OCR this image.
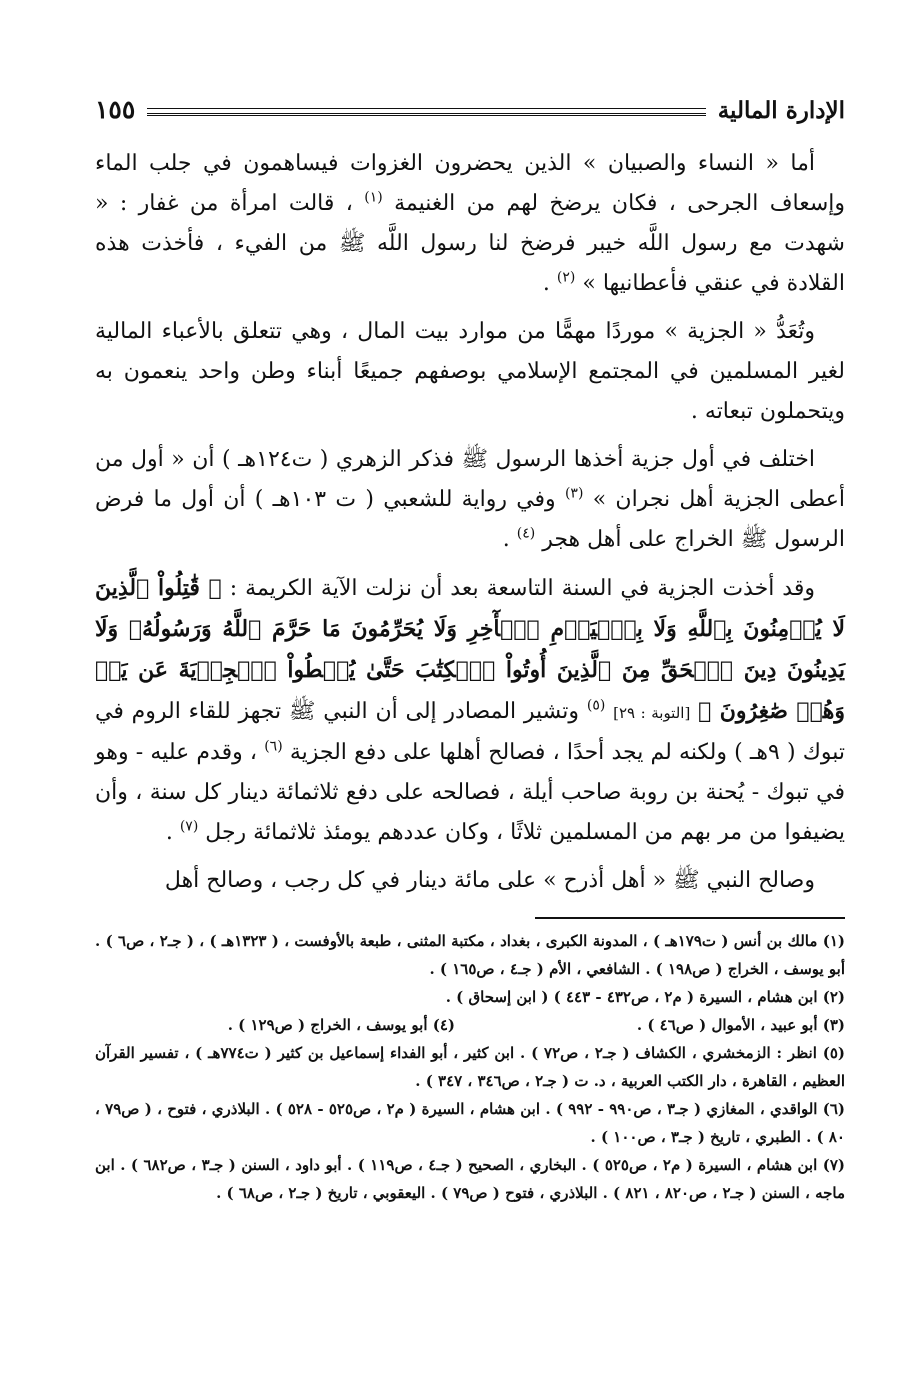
الإدارة المالية
١٥٥

أما « النساء والصبيان » الذين يحضرون الغزوات فيساهمون في جلب الماء وإسعاف الجرحى ، فكان يرضخ لهم من الغنيمة $^{(١)}$ ، قالت امرأة من غفار : « شهدت مع رسول اللَّه خيبر فرضخ لنا رسول اللَّه ﷺ من الفيء ، فأخذت هذه القلادة في عنقي فأعطانيها » $^{(٢)}$ .

وتُعَدُّ « الجزية » موردًا مهمًّا من موارد بيت المال ، وهي تتعلق بالأعباء المالية لغير المسلمين في المجتمع الإسلامي بوصفهم جميعًا أبناء وطن واحد ينعمون به ويتحملون تبعاته .

اختلف في أول جزية أخذها الرسول ﷺ فذكر الزهري ( ت١٢٤هـ ) أن « أول من أعطى الجزية أهل نجران » $^{(٣)}$ وفي رواية للشعبي ( ت ١٠٣هـ ) أن أول ما فرض الرسول ﷺ الخراج على أهل هجر $^{(٤)}$ .

وقد أخذت الجزية في السنة التاسعة بعد أن نزلت الآية الكريمة : ﴿ قَٰتِلُواْ ٱلَّذِينَ لَا يُؤۡمِنُونَ بِٱللَّهِ وَلَا بِٱلۡيَوۡمِ ٱلۡأٓخِرِ وَلَا يُحَرِّمُونَ مَا حَرَّمَ ٱللَّهُ وَرَسُولُهُۥ وَلَا يَدِينُونَ دِينَ ٱلۡحَقِّ مِنَ ٱلَّذِينَ أُوتُواْ ٱلۡكِتَٰبَ حَتَّىٰ يُعۡطُواْ ٱلۡجِزۡيَةَ عَن يَدٖ وَهُمۡ صَٰغِرُونَ ﴾ [التوبة : ٢٩] $^{(٥)}$ وتشير المصادر إلى أن النبي ﷺ تجهز للقاء الروم في تبوك ( ٩هـ ) ولكنه لم يجد أحدًا ، فصالح أهلها على دفع الجزية $^{(٦)}$ ، وقدم عليه - وهو في تبوك - يُحنة بن روبة صاحب أيلة ، فصالحه على دفع ثلاثمائة دينار كل سنة ، وأن يضيفوا من مر بهم من المسلمين ثلاثًا ، وكان عددهم يومئذ ثلاثمائة رجل $^{(٧)}$ .

وصالح النبي ﷺ « أهل أذرح » على مائة دينار في كل رجب ، وصالح أهل

(١) مالك بن أنس ( ت١٧٩هـ ) ، المدونة الكبرى ، بغداد ، مكتبة المثنى ، طبعة بالأوفست ، ( ١٣٢٣هـ ) ، ( جـ٢ ، ص٦ ) . أبو يوسف ، الخراج ( ص١٩٨ ) . الشافعي ، الأم ( جـ٤ ، ص١٦٥ ) .

(٢) ابن هشام ، السيرة ( م٢ ، ص٤٣٢ - ٤٤٣ ) ( ابن إسحاق ) .

(٣) أبو عبيد ، الأموال ( ص٤٦ ) .
(٤) أبو يوسف ، الخراج ( ص١٢٩ ) .

(٥) انظر : الزمخشري ، الكشاف ( جـ٢ ، ص٧٢ ) . ابن كثير ، أبو الفداء إسماعيل بن كثير ( ت٧٧٤هـ ) ، تفسير القرآن العظيم ، القاهرة ، دار الكتب العربية ، د. ت ( جـ٢ ، ص٣٤٦ ، ٣٤٧ ) .

(٦) الواقدي ، المغازي ( جـ٣ ، ص٩٩٠ - ٩٩٢ ) . ابن هشام ، السيرة ( م٢ ، ص٥٢٥ - ٥٢٨ ) . البلاذري ، فتوح ، ( ص٧٩ ، ٨٠ ) . الطبري ، تاريخ ( جـ٣ ، ص١٠٠ ) .

(٧) ابن هشام ، السيرة ( م٢ ، ص٥٢٥ ) . البخاري ، الصحيح ( جـ٤ ، ص١١٩ ) . أبو داود ، السنن ( جـ٣ ، ص٦٨٢ ) . ابن ماجه ، السنن ( جـ٢ ، ص٨٢٠ ، ٨٢١ ) . البلاذري ، فتوح ( ص٧٩ ) . اليعقوبي ، تاريخ ( جـ٢ ، ص٦٨ ) .
